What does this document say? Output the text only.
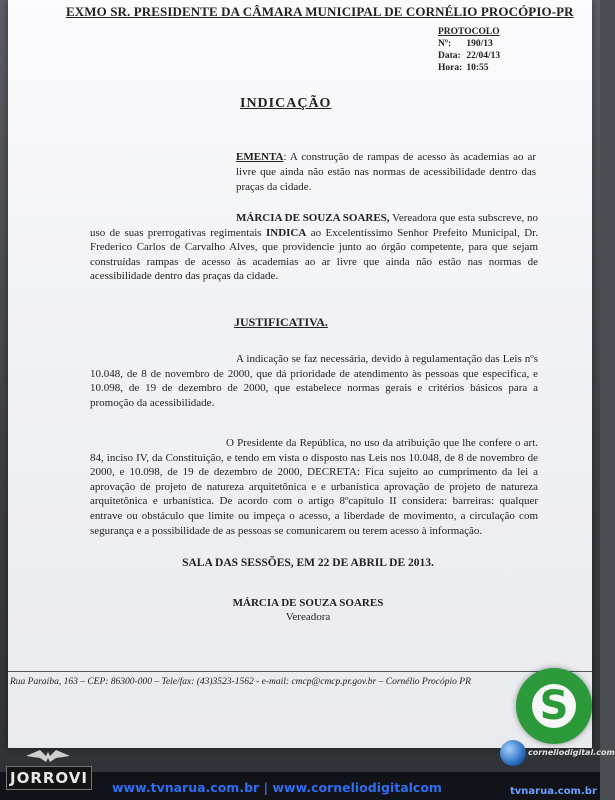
EXMO SR. PRESIDENTE DA CÂMARA MUNICIPAL DE CORNÉLIO PROCÓPIO-PR
PROTOCOLO
Nº: 190/13
Data: 22/04/13
Hora: 10:55
INDICAÇÃO
EMENTA: A construção de rampas de acesso às academias ao ar livre que ainda não estão nas normas de acessibilidade dentro das praças da cidade.
MÁRCIA DE SOUZA SOARES, Vereadora que esta subscreve, no uso de suas prerrogativas regimentais INDICA ao Excelentíssimo Senhor Prefeito Municipal, Dr. Frederico Carlos de Carvalho Alves, que providencie junto ao órgão competente, para que sejam construídas rampas de acesso às academias ao ar livre que ainda não estão nas normas de acessibilidade dentro das praças da cidade.
JUSTIFICATIVA.
A indicação se faz necessária, devido à regulamentação das Leis nºs 10.048, de 8 de novembro de 2000, que dá prioridade de atendimento às pessoas que especifica, e 10.098, de 19 de dezembro de 2000, que estabelece normas gerais e critérios básicos para a promoção da acessibilidade.
O Presidente da República, no uso da atribuição que lhe confere o art. 84, inciso IV, da Constituição, e tendo em vista o disposto nas Leis nos 10.048, de 8 de novembro de 2000, e 10.098, de 19 de dezembro de 2000, DECRETA: Fica sujeito ao cumprimento da lei a aprovação de projeto de natureza arquitetônica e e urbanística aprovação de projeto de natureza arquitetônica e urbanística. De acordo com o artigo 8ºcapítulo II considera: barreiras: qualquer entrave ou obstáculo que limite ou impeça o acesso, a liberdade de movimento, a circulação com segurança e a possibilidade de as pessoas se comunicarem ou terem acesso à informação.
SALA DAS SESSÕES, EM 22 DE ABRIL DE 2013.
MÁRCIA DE SOUZA SOARES
Vereadora
Rua Paraíba, 163 – CEP: 86300-000 – Tele/fax: (43)3523-1562 - e-mail: cmcp@cmcp.pr.gov.br – Cornélio Procópio PR
S
corneliodigital.com
JORROVI
www.tvnarua.com.br | www.corneliodigitalcom	tvnarua.com.br
